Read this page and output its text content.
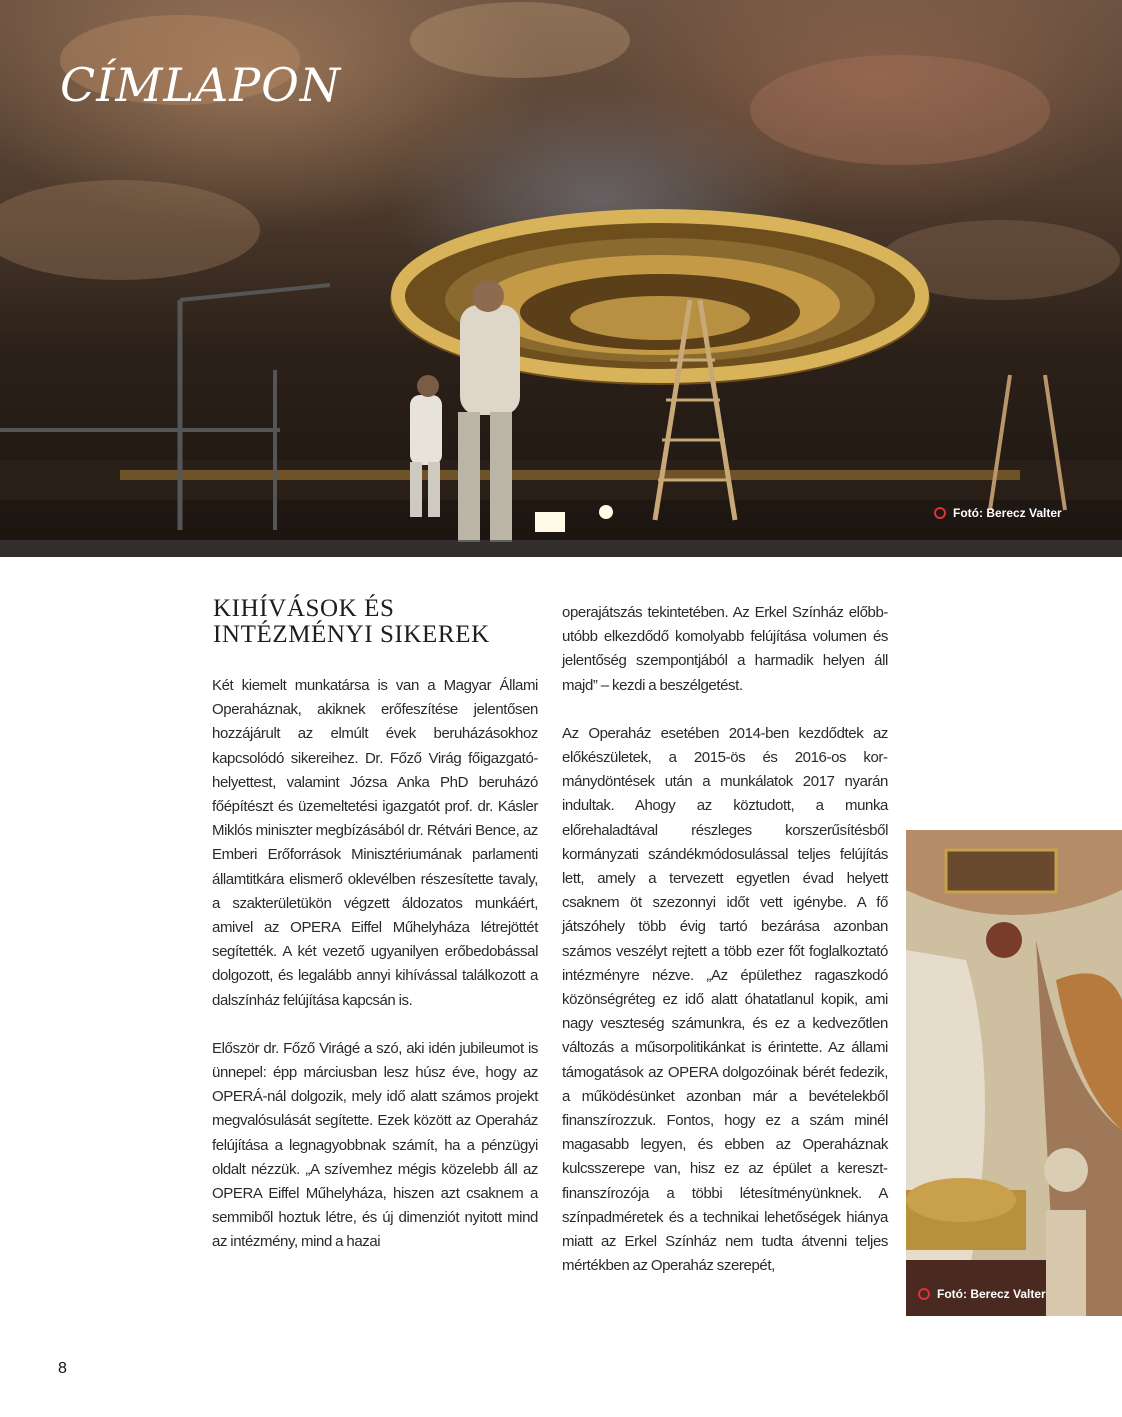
CÍMLAPON
Fotó: Berecz Valter
KIHÍVÁSOK ÉS INTÉZMÉNYI SIKEREK

Két kiemelt munkatársa is van a Magyar Állami Operaháznak, akiknek erőfeszítése jelentősen hozzájárult az elmúlt évek beruházásokhoz kapcsolódó sikereihez. Dr. Főző Virág főigazgató-helyettest, valamint Józsa Anka PhD beruházó főépítészt és üzemeltetési igazgatót prof. dr. Kásler Miklós miniszter megbízásából dr. Rétvári Bence, az Emberi Erőforrások Minisztériumának parlamenti államtitkára elismerő oklevélben részesítette tavaly, a szakterületükön végzett áldozatos munkáért, amivel az OPERA Eiffel Műhelyháza létrejöttét segítették. A két vezető ugyanilyen erőbedobással dolgozott, és legalább annyi kihívással találkozott a dalszínház felújítása kapcsán is.

Először dr. Főző Virágé a szó, aki idén jubileumot is ünnepel: épp márciusban lesz húsz éve, hogy az OPERÁ-nál dolgozik, mely idő alatt számos projekt megvalósulását segítette. Ezek között az Operaház felújítása a legnagyobbnak számít, ha a pénzügyi oldalt nézzük. „A szívemhez mégis közelebb áll az OPERA Eiffel Műhelyháza, hiszen azt csaknem a semmiből hoztuk létre, és új dimenziót nyitott mind az intézmény, mind a hazai

operajátszás tekintetében. Az Erkel Színház előbb-utóbb elkezdődő komolyabb felújítása volumen és jelentőség szempontjából a harmadik helyen áll majd” – kezdi a beszélgetést.

Az Operaház esetében 2014-ben kezdődtek az előkészületek, a 2015-ös és 2016-os kormánydöntések után a munkálatok 2017 nyarán indultak. Ahogy az köztudott, a munka előrehaladtával részleges korszerűsítésből kormányzati szándékmódosulással teljes felújítás lett, amely a tervezett egyetlen évad helyett csaknem öt szezonnyi időt vett igénybe. A fő játszóhely több évig tartó bezárása azonban számos veszélyt rejtett a több ezer főt foglalkoztató intézményre nézve. „Az épülethez ragaszkodó közönségréteg ez idő alatt óhatatlanul kopik, ami nagy veszteség számunkra, és ez a kedvezőtlen változás a műsorpolitikánkat is érintette. Az állami támogatások az OPERA dolgozóinak bérét fedezik, a működésünket azonban már a bevételekből finanszírozzuk. Fontos, hogy ez a szám minél magasabb legyen, és ebben az Operaháznak kulcsszerepe van, hisz ez az épület a keresztfinanszírozója a többi létesítményünknek. A színpadméretek és a technikai lehetőségek hiánya miatt az Erkel Színház nem tudta átvenni teljes mértékben az Operaház szerepét,

Fotó: Berecz Valter
8
